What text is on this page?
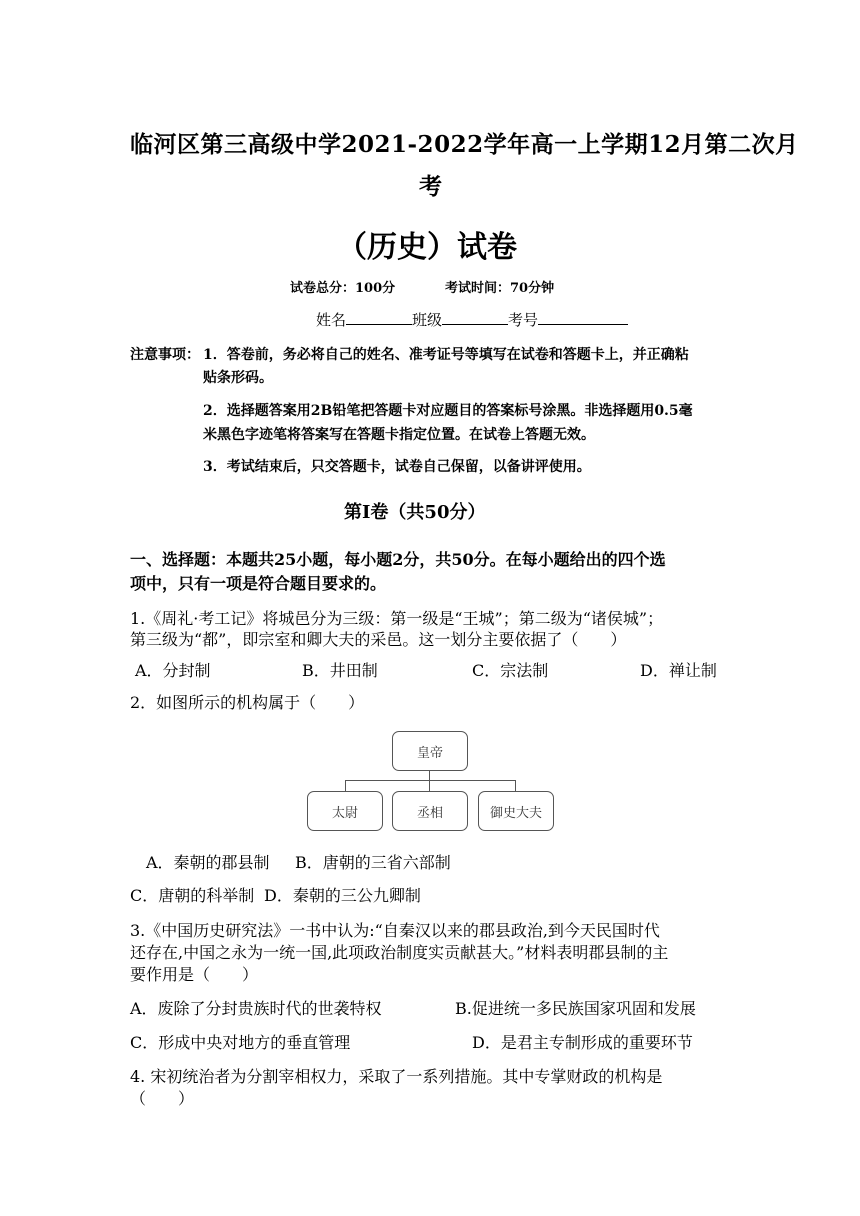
临河区第三高级中学2021-2022学年高一上学期12月第二次月
考
（历史）试卷
试卷总分：100分	考试时间：70分钟
姓名	班级	考号
注意事项： 1．答卷前，务必将自己的姓名、准考证号等填写在试卷和答题卡上，并正确粘
贴条形码。
2．选择题答案用2B铅笔把答题卡对应题目的答案标号涂黑。非选择题用0.5毫
米黑色字迹笔将答案写在答题卡指定位置。在试卷上答题无效。
3．考试结束后，只交答题卡，试卷自己保留，以备讲评使用。
第Ⅰ卷（共50分）
一、选择题：本题共25小题，每小题2分，共50分。在每小题给出的四个选
项中，只有一项是符合题目要求的。
1.《周礼·考工记》将城邑分为三级：第一级是“王城”；第二级为“诸侯城”；
第三级为“都”，即宗室和卿大夫的采邑。这一划分主要依据了（　　）
A．分封制	B．井田制	C．宗法制	D．禅让制
2．如图所示的机构属于（　　）
皇帝
太尉	丞相	御史大夫
A．秦朝的郡县制 B．唐朝的三省六部制
C．唐朝的科举制 D．秦朝的三公九卿制
3.《中国历史研究法》一书中认为:“自秦汉以来的郡县政治,到今天民国时代
还存在,中国之永为一统一国,此项政治制度实贡献甚大。”材料表明郡县制的主
要作用是（　　）
A．废除了分封贵族时代的世袭特权	B.促进统一多民族国家巩固和发展
C．形成中央对地方的垂直管理	D．是君主专制形成的重要环节
4. 宋初统治者为分割宰相权力，采取了一系列措施。其中专掌财政的机构是
（　　）
